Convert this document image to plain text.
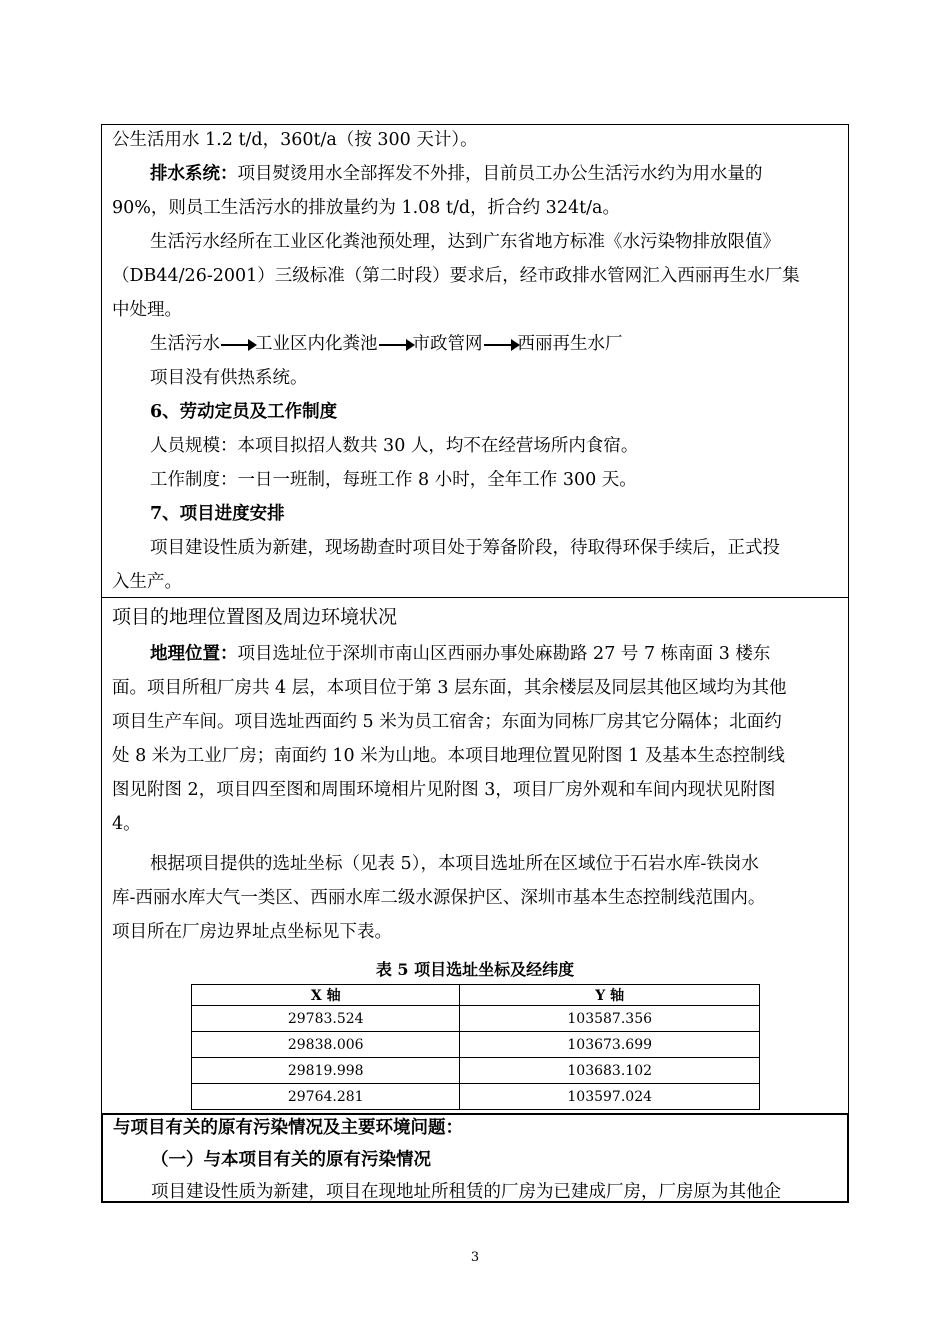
公生活用水 1.2 t/d，360t/a（按 300 天计）。
排水系统：项目熨烫用水全部挥发不外排，目前员工办公生活污水约为用水量的
90%，则员工生活污水的排放量约为 1.08 t/d，折合约 324t/a。
生活污水经所在工业区化粪池预处理，达到广东省地方标准《水污染物排放限值》
（DB44/26-2001）三级标准（第二时段）要求后，经市政排水管网汇入西丽再生水厂集
中处理。
生活污水 工业区内化粪池 市政管网 西丽再生水厂
项目没有供热系统。
6、劳动定员及工作制度
人员规模：本项目拟招人数共 30 人，均不在经营场所内食宿。
工作制度：一日一班制，每班工作 8 小时，全年工作 300 天。
7、项目进度安排
项目建设性质为新建，现场勘查时项目处于筹备阶段，待取得环保手续后，正式投
入生产。
项目的地理位置图及周边环境状况
地理位置：项目选址位于深圳市南山区西丽办事处麻勘路 27 号 7 栋南面 3 楼东
面。项目所租厂房共 4 层，本项目位于第 3 层东面，其余楼层及同层其他区域均为其他
项目生产车间。项目选址西面约 5 米为员工宿舍；东面为同栋厂房其它分隔体；北面约
处 8 米为工业厂房；南面约 10 米为山地。本项目地理位置见附图 1 及基本生态控制线
图见附图 2，项目四至图和周围环境相片见附图 3，项目厂房外观和车间内现状见附图
4。
根据项目提供的选址坐标（见表 5），本项目选址所在区域位于石岩水库-铁岗水
库-西丽水库大气一类区、西丽水库二级水源保护区、深圳市基本生态控制线范围内。
项目所在厂房边界址点坐标见下表。
表 5 项目选址坐标及经纬度
X 轴	Y 轴
29783.524	103587.356
29838.006	103673.699
29819.998	103683.102
29764.281	103597.024
与项目有关的原有污染情况及主要环境问题：
（一）与本项目有关的原有污染情况
项目建设性质为新建，项目在现地址所租赁的厂房为已建成厂房，厂房原为其他企
3
